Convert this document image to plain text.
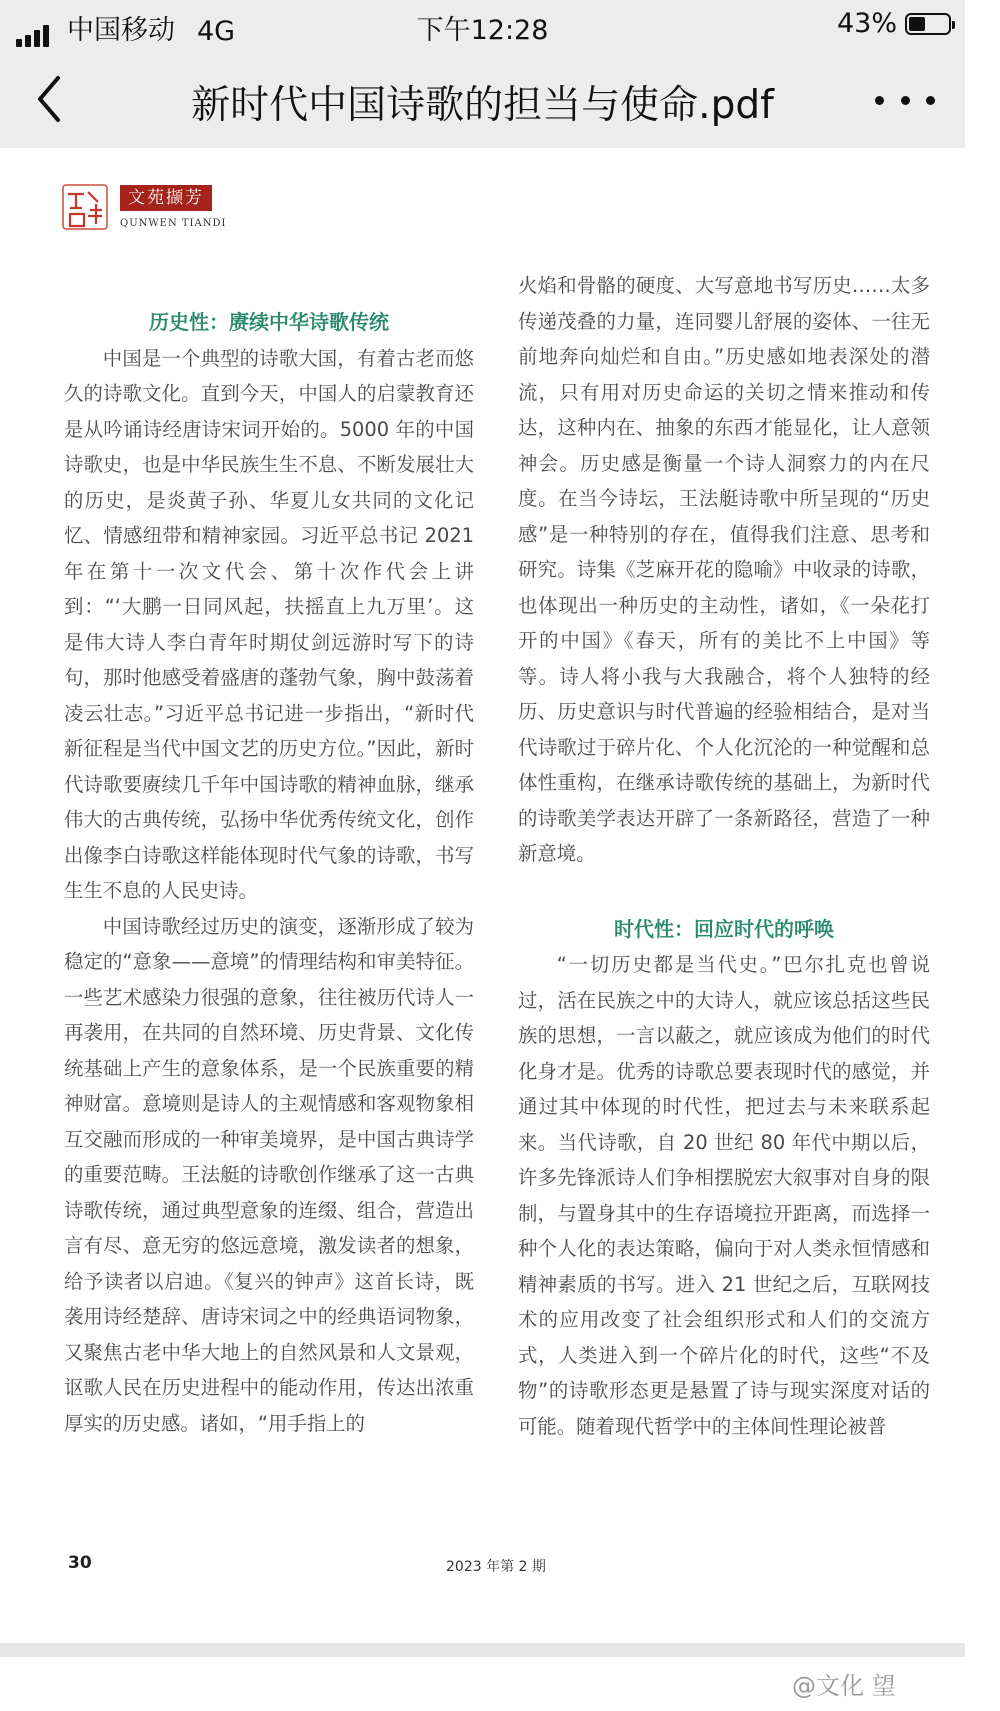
中国移动 4G	下午12:28	43%
新时代中国诗歌的担当与使命.pdf
文苑撷芳
QUNWEN TIANDI
历史性：赓续中华诗歌传统

中国是一个典型的诗歌大国，有着古老而悠久的诗歌文化。直到今天，中国人的启蒙教育还是从吟诵诗经唐诗宋词开始的。5000 年的中国诗歌史，也是中华民族生生不息、不断发展壮大的历史，是炎黄子孙、华夏儿女共同的文化记忆、情感纽带和精神家园。习近平总书记 2021 年在第十一次文代会、第十次作代会上讲到：“‘大鹏一日同风起，扶摇直上九万里’。这是伟大诗人李白青年时期仗剑远游时写下的诗句，那时他感受着盛唐的蓬勃气象，胸中鼓荡着凌云壮志。”习近平总书记进一步指出，“新时代新征程是当代中国文艺的历史方位。”因此，新时代诗歌要赓续几千年中国诗歌的精神血脉，继承伟大的古典传统，弘扬中华优秀传统文化，创作出像李白诗歌这样能体现时代气象的诗歌，书写生生不息的人民史诗。

中国诗歌经过历史的演变，逐渐形成了较为稳定的“意象——意境”的情理结构和审美特征。一些艺术感染力很强的意象，往往被历代诗人一再袭用，在共同的自然环境、历史背景、文化传统基础上产生的意象体系，是一个民族重要的精神财富。意境则是诗人的主观情感和客观物象相互交融而形成的一种审美境界，是中国古典诗学的重要范畴。王法艇的诗歌创作继承了这一古典诗歌传统，通过典型意象的连缀、组合，营造出言有尽、意无穷的悠远意境，激发读者的想象，给予读者以启迪。《复兴的钟声》这首长诗，既袭用诗经楚辞、唐诗宋词之中的经典语词物象，又聚焦古老中华大地上的自然风景和人文景观，讴歌人民在历史进程中的能动作用，传达出浓重厚实的历史感。诸如，“用手指上的

火焰和骨骼的硬度、大写意地书写历史……太多传递茂叠的力量，连同婴儿舒展的姿体、一往无前地奔向灿烂和自由。”历史感如地表深处的潜流，只有用对历史命运的关切之情来推动和传达，这种内在、抽象的东西才能显化，让人意领神会。历史感是衡量一个诗人洞察力的内在尺度。在当今诗坛，王法艇诗歌中所呈现的“历史感”是一种特别的存在，值得我们注意、思考和研究。诗集《芝麻开花的隐喻》中收录的诗歌，也体现出一种历史的主动性，诸如，《一朵花打开的中国》《春天，所有的美比不上中国》等等。诗人将小我与大我融合，将个人独特的经历、历史意识与时代普遍的经验相结合，是对当代诗歌过于碎片化、个人化沉沦的一种觉醒和总体性重构，在继承诗歌传统的基础上，为新时代的诗歌美学表达开辟了一条新路径，营造了一种新意境。

时代性：回应时代的呼唤

“一切历史都是当代史。”巴尔扎克也曾说过，活在民族之中的大诗人，就应该总括这些民族的思想，一言以蔽之，就应该成为他们的时代化身才是。优秀的诗歌总要表现时代的感觉，并通过其中体现的时代性，把过去与未来联系起来。当代诗歌，自 20 世纪 80 年代中期以后，许多先锋派诗人们争相摆脱宏大叙事对自身的限制，与置身其中的生存语境拉开距离，而选择一种个人化的表达策略，偏向于对人类永恒情感和精神素质的书写。进入 21 世纪之后，互联网技术的应用改变了社会组织形式和人们的交流方式，人类进入到一个碎片化的时代，这些“不及物”的诗歌形态更是悬置了诗与现实深度对话的可能。随着现代哲学中的主体间性理论被普

30	2023 年第 2 期
@文化 望
